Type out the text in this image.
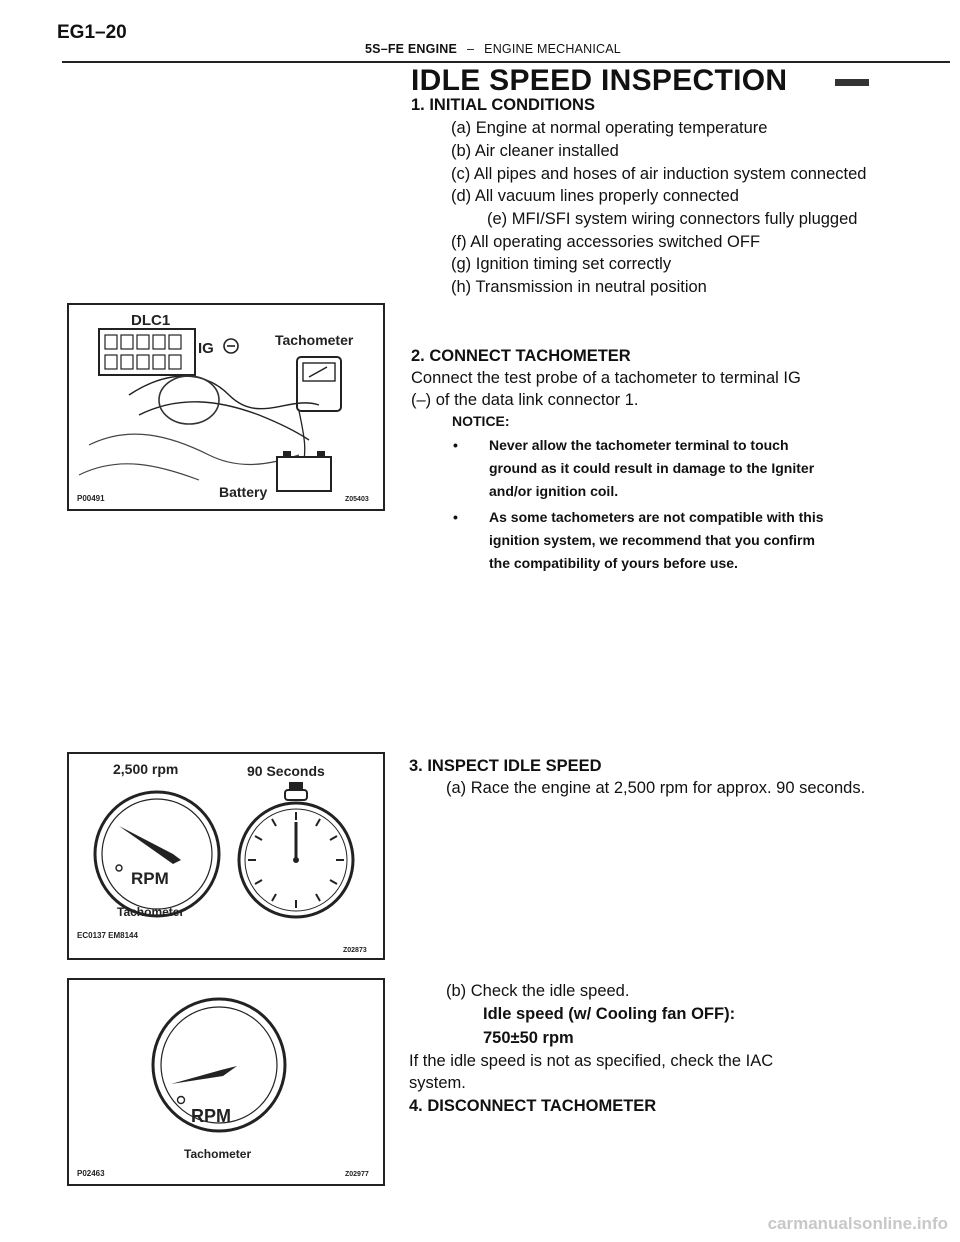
EG1–20
5S–FE ENGINE – ENGINE MECHANICAL
IDLE SPEED INSPECTION
1. INITIAL CONDITIONS
(a) Engine at normal operating temperature
(b) Air cleaner installed
(c) All pipes and hoses of air induction system connected
(d) All vacuum lines properly connected
(e) MFI/SFI system wiring connectors fully plugged
(f) All operating accessories switched OFF
(g) Ignition timing set correctly
(h) Transmission in neutral position
DLC1
IG	Tachometer
Battery
P00491	Z05403
2. CONNECT TACHOMETER
Connect the test probe of a tachometer to terminal IG
(–) of the data link connector 1.
NOTICE:
• Never allow the tachometer terminal to touch
ground as it could result in damage to the Igniter
and/or ignition coil.
• As some tachometers are not compatible with this
ignition system, we recommend that you confirm
the compatibility of yours before use.
2,500 rpm	90 Seconds
RPM
Tachometer
EC0137 EM8144
Z02873
3. INSPECT IDLE SPEED
(a) Race the engine at 2,500 rpm for approx. 90 seconds.
(b) Check the idle speed.
Idle speed (w/ Cooling fan OFF):
750±50 rpm
If the idle speed is not as specified, check the IAC
system.
4. DISCONNECT TACHOMETER
RPM
Tachometer
P02463	Z02977
carmanualsonline.info
